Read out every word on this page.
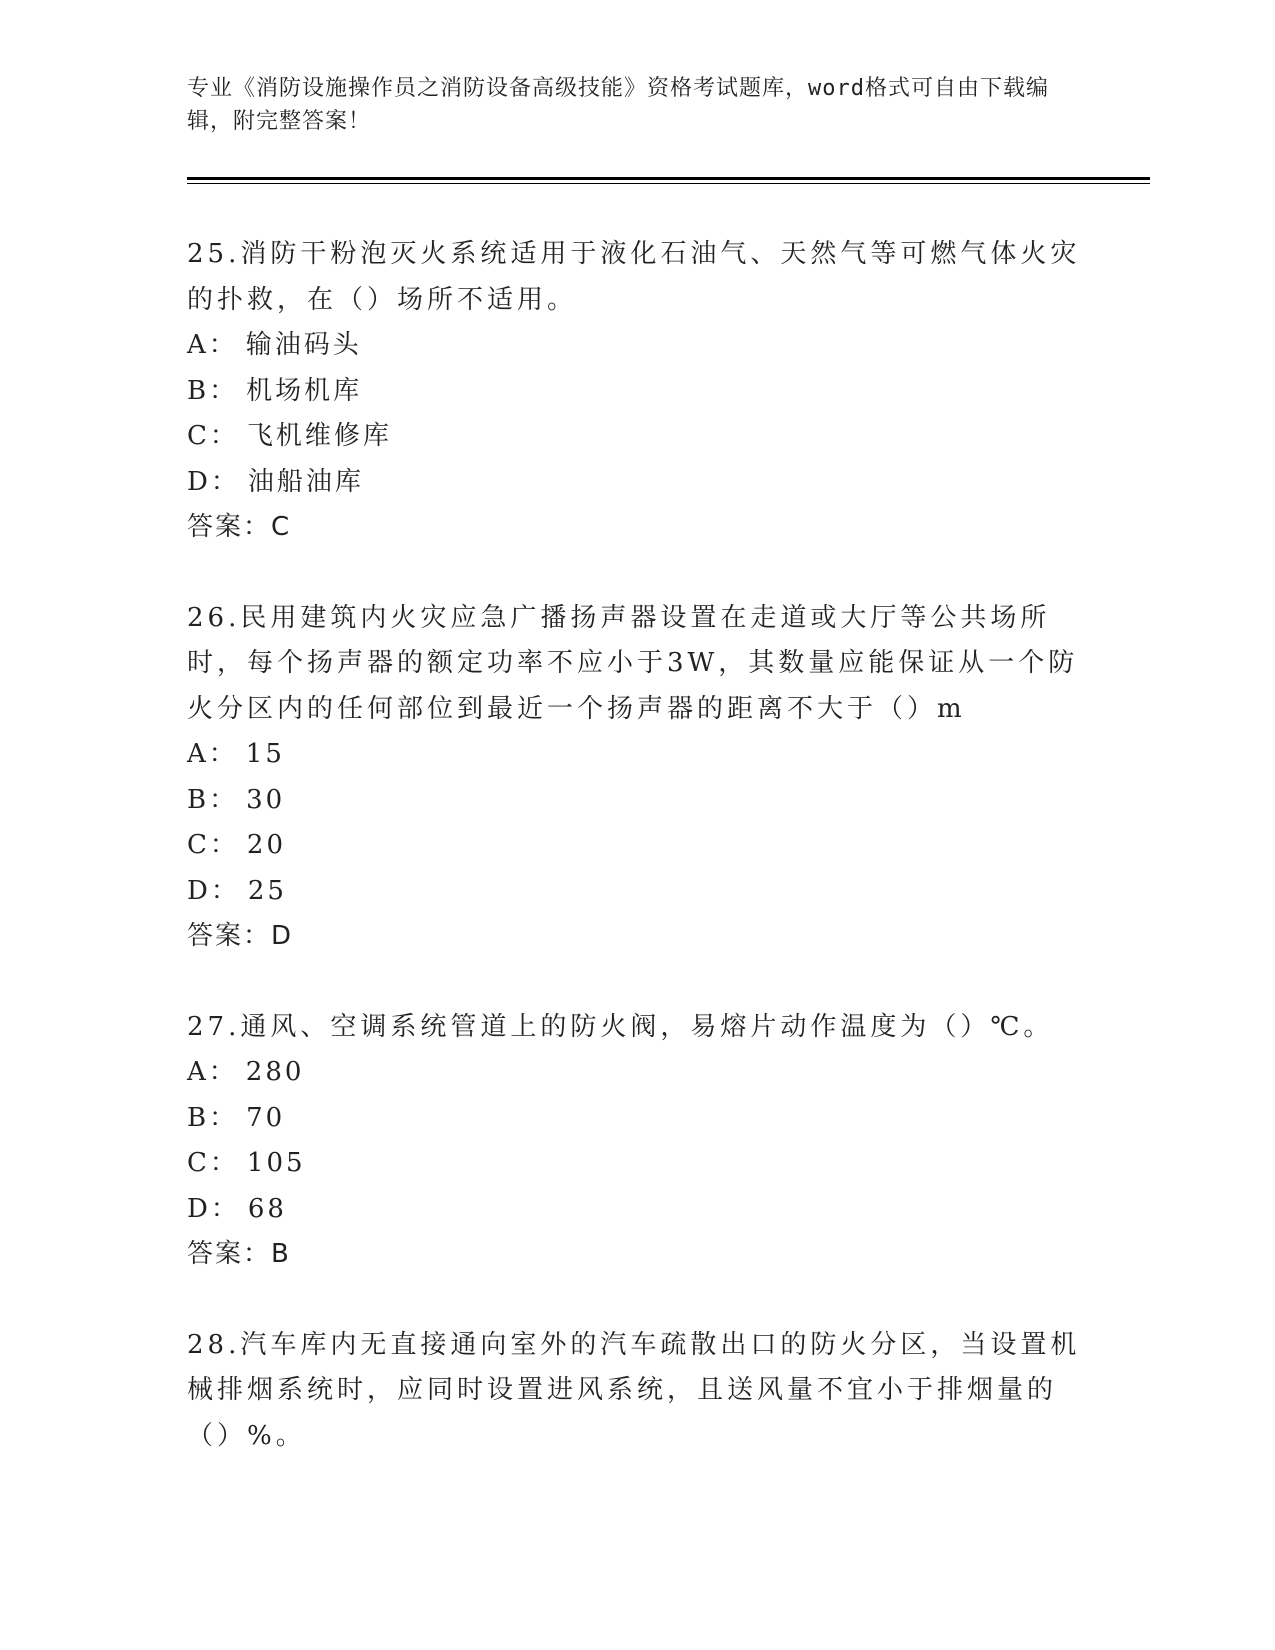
专业《消防设施操作员之消防设备高级技能》资格考试题库，word格式可自由下载编辑，附完整答案！
25.消防干粉泡灭火系统适用于液化石油气、天然气等可燃气体火灾的扑救，在（）场所不适用。
A： 输油码头
B： 机场机库
C： 飞机维修库
D： 油船油库
答案：C
26.民用建筑内火灾应急广播扬声器设置在走道或大厅等公共场所时，每个扬声器的额定功率不应小于3W，其数量应能保证从一个防火分区内的任何部位到最近一个扬声器的距离不大于（）m
A： 15
B： 30
C： 20
D： 25
答案：D
27.通风、空调系统管道上的防火阀，易熔片动作温度为（）℃。
A： 280
B： 70
C： 105
D： 68
答案：B
28.汽车库内无直接通向室外的汽车疏散出口的防火分区，当设置机械排烟系统时，应同时设置进风系统，且送风量不宜小于排烟量的（）%。
